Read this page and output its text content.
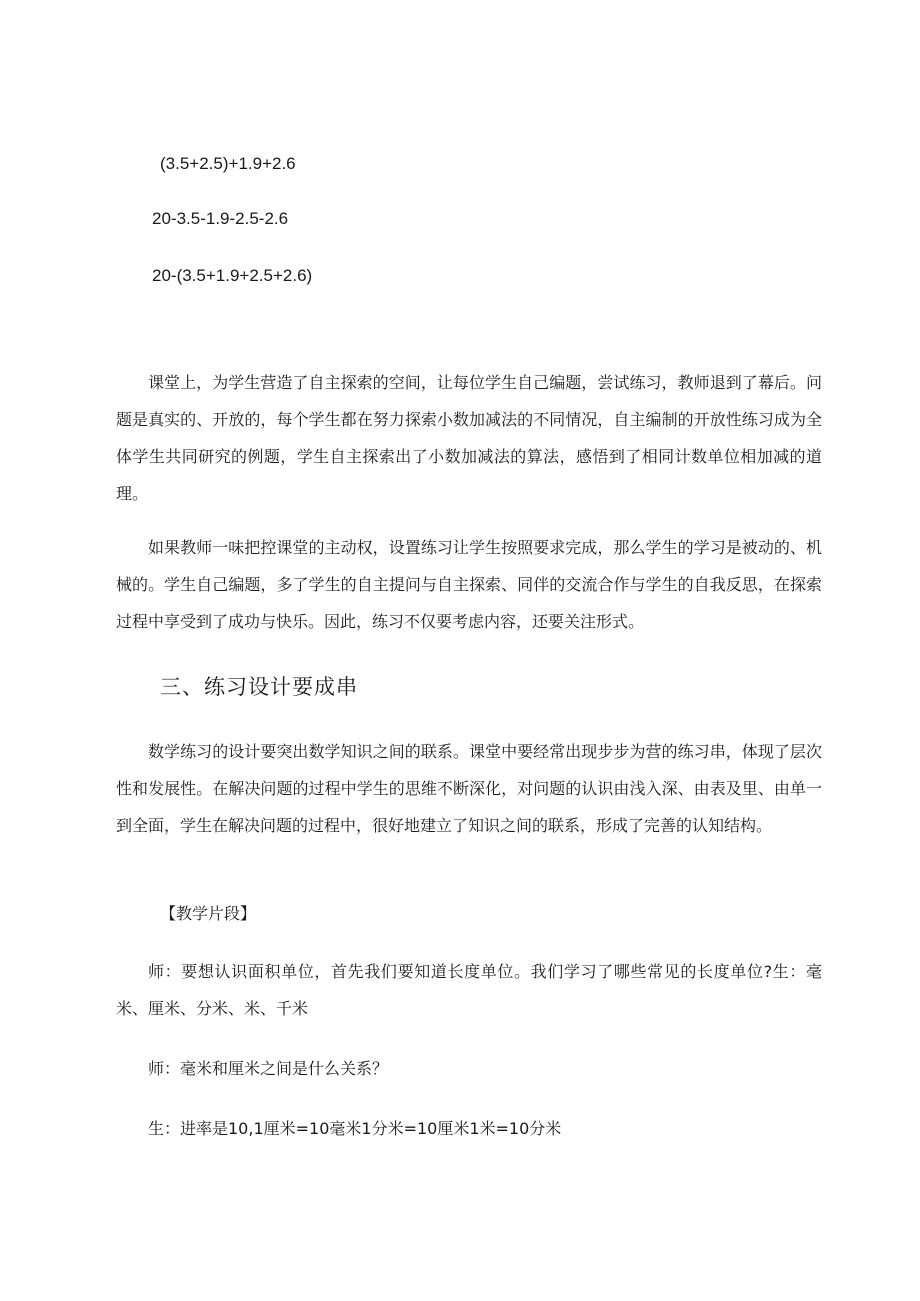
(3.5+2.5)+1.9+2.6
20-3.5-1.9-2.5-2.6
20-(3.5+1.9+2.5+2.6)

课堂上，为学生营造了自主探索的空间，让每位学生自己编题，尝试练习，教师退到了幕后。问题是真实的、开放的，每个学生都在努力探索小数加减法的不同情况，自主编制的开放性练习成为全体学生共同研究的例题，学生自主探索出了小数加减法的算法，感悟到了相同计数单位相加减的道理。

如果教师一味把控课堂的主动权，设置练习让学生按照要求完成，那么学生的学习是被动的、机械的。学生自己编题，多了学生的自主提问与自主探索、同伴的交流合作与学生的自我反思，在探索过程中享受到了成功与快乐。因此，练习不仅要考虑内容，还要关注形式。

三、练习设计要成串

数学练习的设计要突出数学知识之间的联系。课堂中要经常出现步步为营的练习串，体现了层次性和发展性。在解决问题的过程中学生的思维不断深化，对问题的认识由浅入深、由表及里、由单一到全面，学生在解决问题的过程中，很好地建立了知识之间的联系，形成了完善的认知结构。

【教学片段】

师：要想认识面积单位，首先我们要知道长度单位。我们学习了哪些常见的长度单位?生：毫米、厘米、分米、米、千米

师：毫米和厘米之间是什么关系？
生：进率是10,1厘米=10毫米1分米=10厘米1米=10分米
